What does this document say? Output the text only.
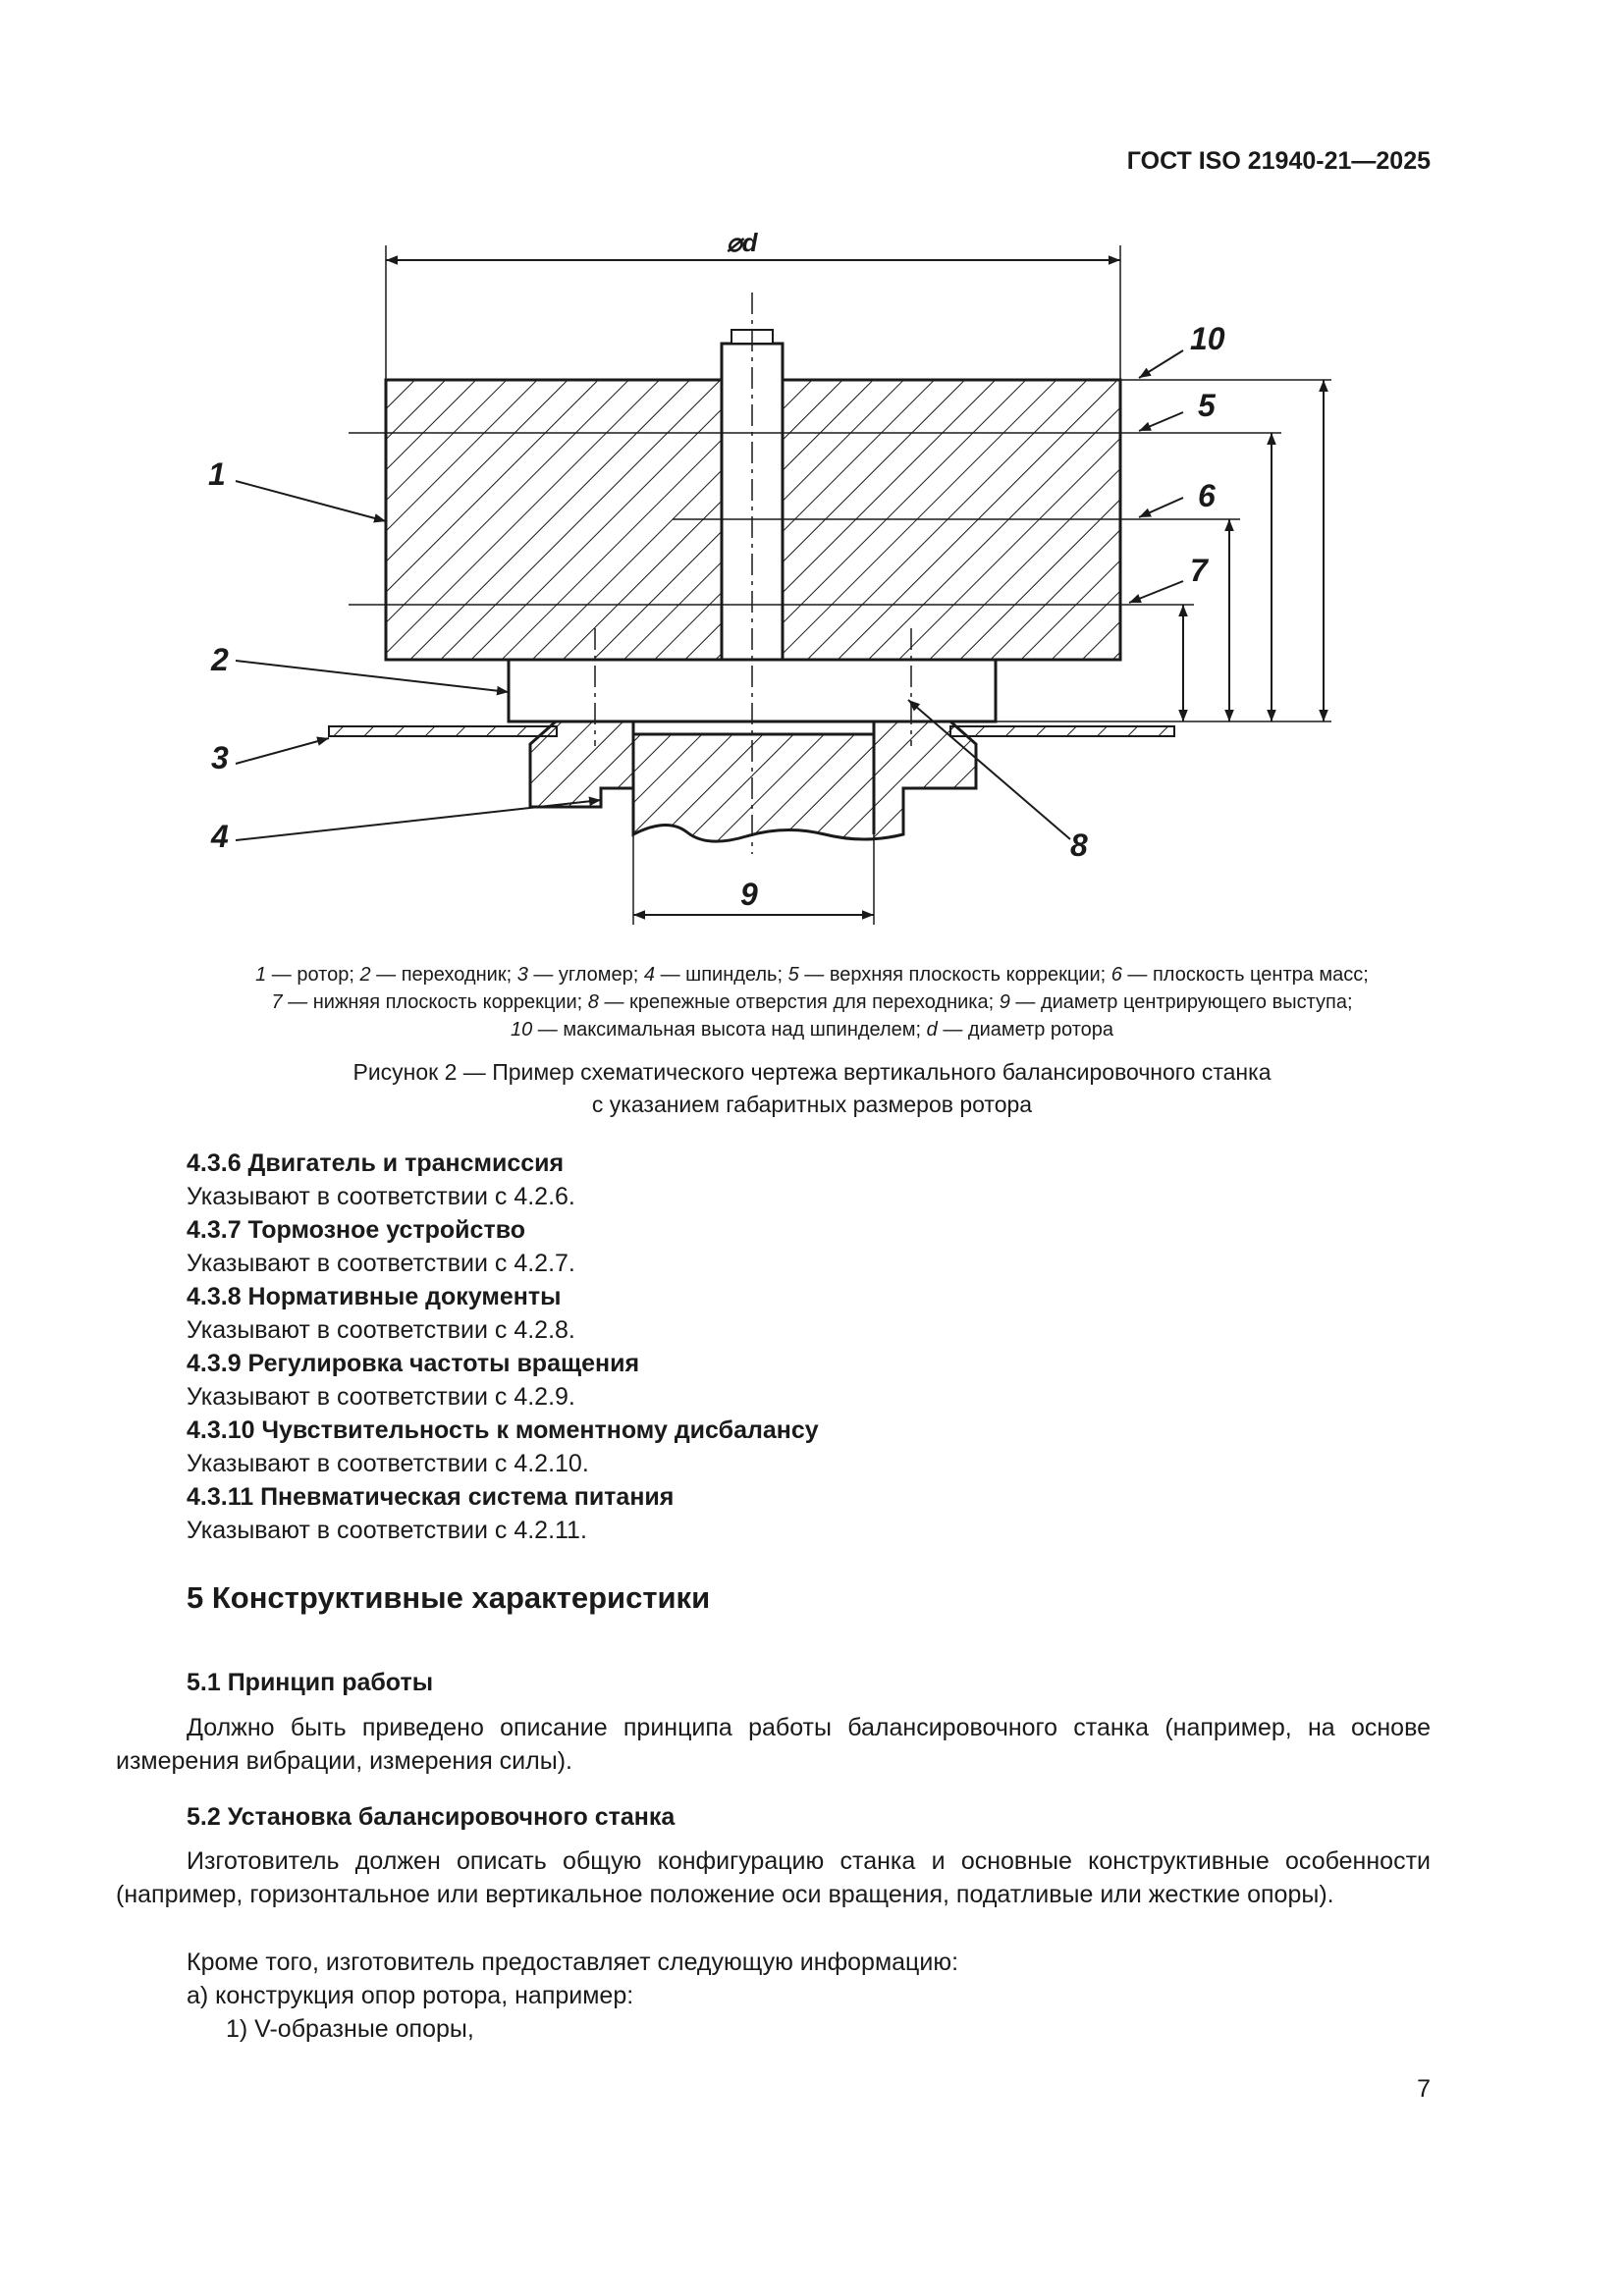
ГОСТ ISO 21940-21—2025
⌀d
1
2
3
4
5
6
7
8
9
10
1 — ротор; 2 — переходник; 3 — угломер; 4 — шпиндель; 5 — верхняя плоскость коррекции; 6 — плоскость центра масс;
7 — нижняя плоскость коррекции; 8 — крепежные отверстия для переходника; 9 — диаметр центрирующего выступа;
10 — максимальная высота над шпинделем; d — диаметр ротора
Рисунок 2 — Пример схематического чертежа вертикального балансировочного станка
с указанием габаритных размеров ротора
4.3.6 Двигатель и трансмиссия
Указывают в соответствии с 4.2.6.
4.3.7 Тормозное устройство
Указывают в соответствии с 4.2.7.
4.3.8 Нормативные документы
Указывают в соответствии с 4.2.8.
4.3.9 Регулировка частоты вращения
Указывают в соответствии с 4.2.9.
4.3.10 Чувствительность к моментному дисбалансу
Указывают в соответствии с 4.2.10.
4.3.11 Пневматическая система питания
Указывают в соответствии с 4.2.11.
5 Конструктивные характеристики
5.1 Принцип работы
Должно быть приведено описание принципа работы балансировочного станка (например, на основе измерения вибрации, измерения силы).
5.2 Установка балансировочного станка
Изготовитель должен описать общую конфигурацию станка и основные конструктивные особенности (например, горизонтальное или вертикальное положение оси вращения, податливые или жесткие опоры).
Кроме того, изготовитель предоставляет следующую информацию:
а) конструкция опор ротора, например:
1) V-образные опоры,
7
